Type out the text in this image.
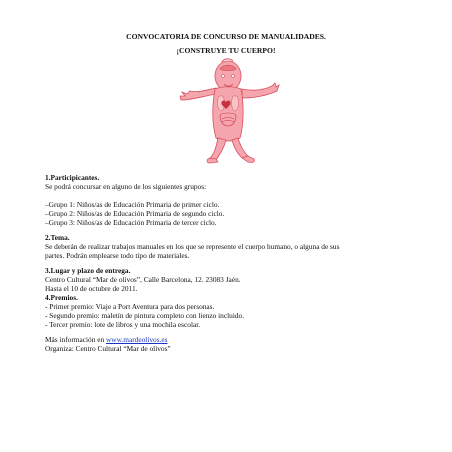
CONVOCATORIA DE CONCURSO DE MANUALIDADES.
¡CONSTRUYE TU CUERPO!

1.Participicantes.

Se podrá concursar en alguno de los siguientes grupos:

–Grupo 1: Niños/as de Educación Primaria de primer ciclo.

–Grupo 2: Niños/as de Educación Primaria de segundo ciclo.

–Grupo 3: Niños/as de Educación Primaria de tercer ciclo.

2.Tema.

Se deberán de realizar trabajos manuales en los que se represente el cuerpo humano, o alguna de sus

partes. Podrán emplearse todo tipo de materiales.

3.Lugar y plazo de entrega.

Centro Cultural “Mar de olivos”, Calle Barcelona, 12. 23083 Jaén.

Hasta el 10 de octubre de 2011.

4.Premios.

- Primer premio: Viaje a Port Aventura para dos personas.

- Segundo premio: maletín de pintura completo con lienzo incluido.

- Tercer premio: lote de libros y una mochila escolar.

Más información en www.mardeolivos.es

Organiza: Centro Cultural “Mar de olivos”
